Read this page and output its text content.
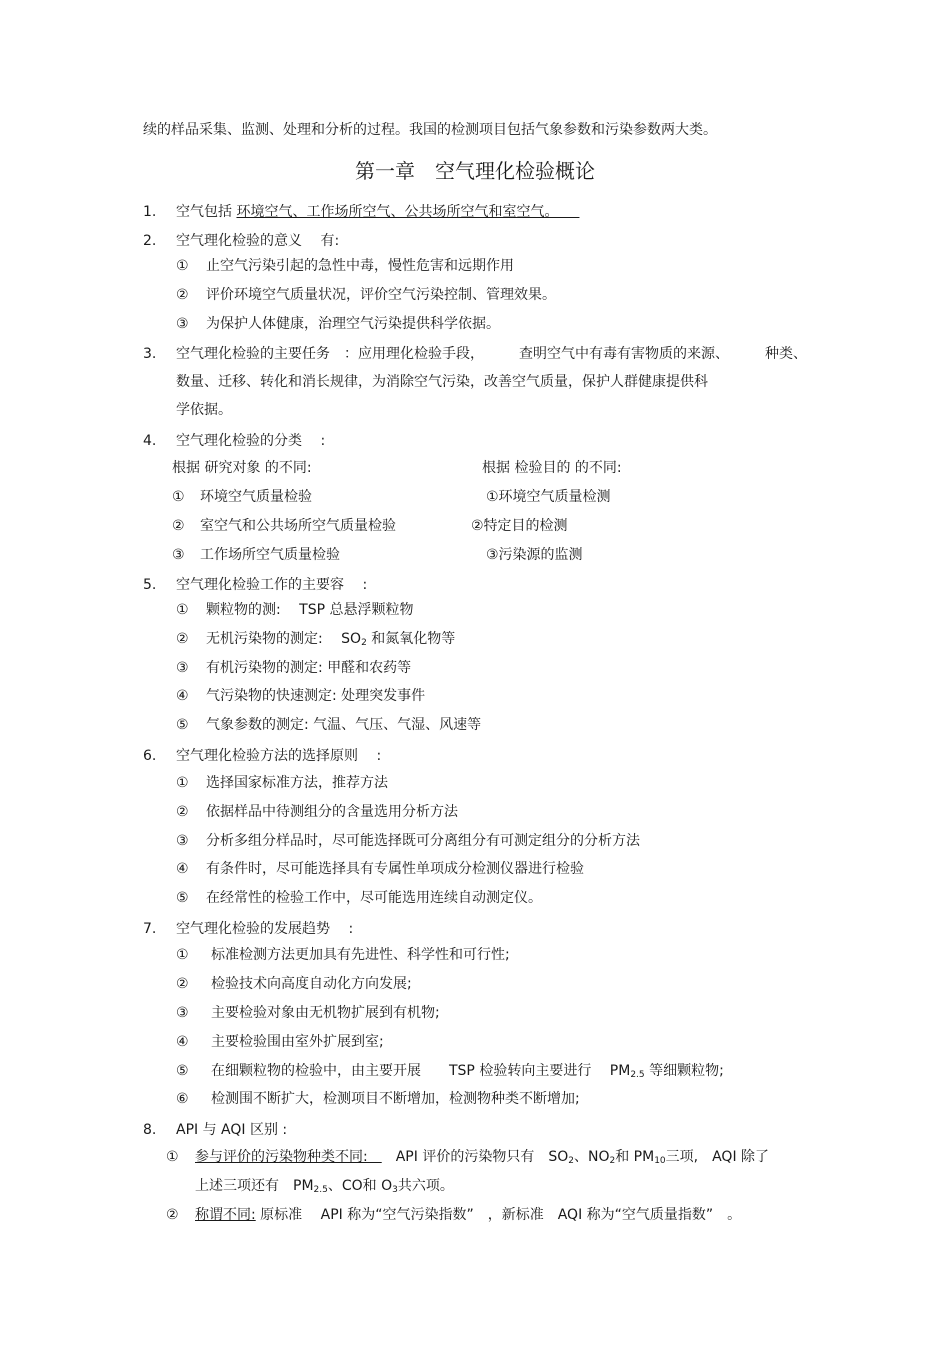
续的样品采集、监测、处理和分析的过程。我国的检测项目包括气象参数和污染参数两大类。
第一章　空气理化检验概论
1. 空气包括 环境空气、工作场所空气、公共场所空气和室空气。　　
2. 空气理化检验的意义　 有:
① 止空气污染引起的急性中毒，慢性危害和远期作用
② 评价环境空气质量状况，评价空气污染控制、管理效果。
③ 为保护人体健康，治理空气污染提供科学依据。
3. 空气理化检验的主要任务　：应用理化检验手段，	查明空气中有毒有害物质的来源、	种类、
数量、迁移、转化和消长规律，为消除空气污染，改善空气质量，保护人群健康提供科
学依据。
4. 空气理化检验的分类　 :
根据 研究对象 的不同:	根据 检验目的 的不同:
① 环境空气质量检验	①环境空气质量检测
② 室空气和公共场所空气质量检验	②特定目的检测
③ 工作场所空气质量检验	③污染源的监测
5. 空气理化检验工作的主要容　 :
① 颗粒物的测:　 TSP 总悬浮颗粒物
② 无机污染物的测定:　 $SO_2$ 和氮氧化物等
③ 有机污染物的测定: 甲醛和农药等
④ 气污染物的快速测定: 处理突发事件
⑤ 气象参数的测定: 气温、气压、气湿、风速等
6. 空气理化检验方法的选择原则　 :
① 选择国家标准方法，推荐方法
② 依据样品中待测组分的含量选用分析方法
③ 分析多组分样品时，尽可能选择既可分离组分有可测定组分的分析方法
④ 有条件时，尽可能选择具有专属性单项成分检测仪器进行检验
⑤ 在经常性的检验工作中，尽可能选用连续自动测定仪。
7. 空气理化检验的发展趋势　 :
① 标准检测方法更加具有先进性、科学性和可行性;
② 检验技术向高度自动化方向发展;
③ 主要检验对象由无机物扩展到有机物;
④ 主要检验围由室外扩展到室;
⑤ 在细颗粒物的检验中，由主要开展　　TSP 检验转向主要进行　 $PM_{2.5}$ 等细颗粒物;
⑥ 检测围不断扩大，检测项目不断增加，检测物种类不断增加;
8. API 与 AQI 区别 :
① 参与评价的污染物种类不同:　　API 评价的污染物只有　$SO_2$、$NO_2$和 $PM_{10}$三项,　AQI 除了
上述三项还有　$PM_{2.5}$、CO和 $O_3$共六项。
② 称谓不同: 原标准　 API 称为“空气污染指数”　，新标准　AQI 称为“空气质量指数”　。
